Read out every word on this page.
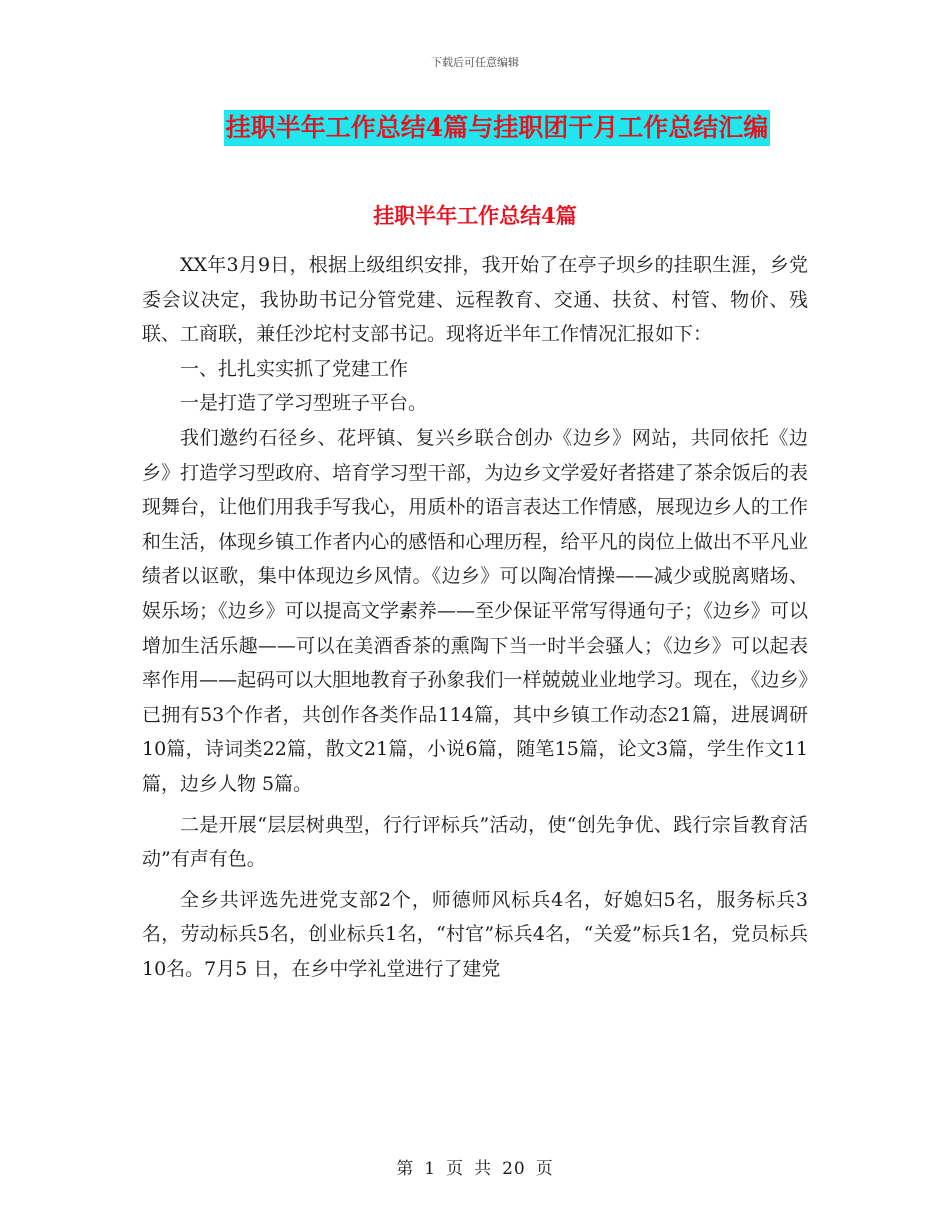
下载后可任意编辑
挂职半年工作总结4篇与挂职团干月工作总结汇编
挂职半年工作总结4篇

XX年3月9日，根据上级组织安排，我开始了在亭子坝乡的挂职生涯，乡党委会议决定，我协助书记分管党建、远程教育、交通、扶贫、村管、物价、残联、工商联，兼任沙坨村支部书记。现将近半年工作情况汇报如下：

一、扎扎实实抓了党建工作

一是打造了学习型班子平台。

我们邀约石径乡、花坪镇、复兴乡联合创办《边乡》网站，共同依托《边乡》打造学习型政府、培育学习型干部，为边乡文学爱好者搭建了茶余饭后的表现舞台，让他们用我手写我心，用质朴的语言表达工作情感，展现边乡人的工作和生活，体现乡镇工作者内心的感悟和心理历程，给平凡的岗位上做出不平凡业绩者以讴歌，集中体现边乡风情。《边乡》可以陶冶情操——减少或脱离赌场、娱乐场；《边乡》可以提高文学素养——至少保证平常写得通句子；《边乡》可以增加生活乐趣——可以在美酒香茶的熏陶下当一时半会骚人；《边乡》可以起表率作用——起码可以大胆地教育子孙象我们一样兢兢业业地学习。现在，《边乡》已拥有53个作者，共创作各类作品114篇，其中乡镇工作动态21篇，进展调研10篇，诗词类22篇，散文21篇，小说6篇，随笔15篇，论文3篇，学生作文11篇，边乡人物 5篇。

二是开展“层层树典型，行行评标兵”活动，使“创先争优、践行宗旨教育活动”有声有色。

全乡共评选先进党支部2个，师德师风标兵4名，好媳妇5名，服务标兵3名，劳动标兵5名，创业标兵1名，“村官”标兵4名，“关爱”标兵1名，党员标兵10名。7月5 日，在乡中学礼堂进行了建党

第 1 页 共 20 页
